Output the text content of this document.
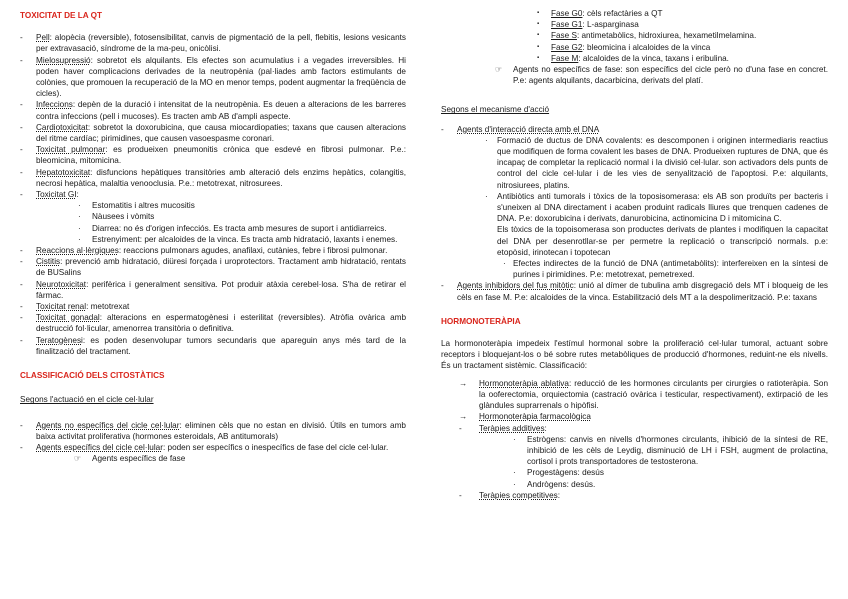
TOXICITAT DE LA QT

- Pell: alopècia (reversible), fotosensibilitat, canvis de pigmentació de la pell, flebitis, lesions vesicants per extravasació, síndrome de la ma-peu, onicòlisi.
- Mielosupressió: sobretot els alquilants. Els efectes son acumulatius i a vegades irreversibles. Hi poden haver complicacions derivades de la neutropènia (pal·liades amb factors estimulants de colònies, que promouen la recuperació de la MO en menor temps, podent augmentar la freqüència de cicles).
- Infeccions: depèn de la duració i intensitat de la neutropènia. Es deuen a alteracions de les barreres contra infeccions (pell i mucoses). Es tracten amb AB d'ampli aspecte.
- Cardiotoxicitat: sobretot la doxorubicina, que causa miocardiopaties; taxans que causen alteracions del ritme cardíac; pirimidines, que causen vasoespasme coronari.
- Toxicitat pulmonar: es produeixen pneumonitis crònica que esdevé en fibrosi pulmonar. P.e.: bleomicina, mitomicina.
- Hepatotoxicitat: disfuncions hepàtiques transitòries amb alteració dels enzims hepàtics, colangitis, necrosi hepàtica, malaltia venooclusia. P.e.: metotrexat, nitrosurees.
- Toxicitat GI:
· Estomatitis i altres mucositis
· Nàusees i vòmits
· Diarrea: no és d'origen infecciós. Es tracta amb mesures de suport i antidiarreics.
· Estrenyiment: per alcaloides de la vinca. Es tracta amb hidratació, laxants i enemes.
- Reaccions al·lèrgiques: reaccions pulmonars agudes, anafilaxi, cutànies, febre i fibrosi pulmonar.
- Cistitis: prevenció amb hidratació, diüresi forçada i uroprotectors. Tractament amb hidratació, rentats de BUSalins
- Neurotoxicitat: perifèrica i generalment sensitiva. Pot produir atàxia cerebel·losa. S'ha de retirar el fàrmac.
- Toxicitat renal: metotrexat
- Toxicitat gonadal: alteracions en espermatogènesi i esterilitat (reversibles). Atròfia ovàrica amb destrucció fol·licular, amenorrea transitòria o definitiva.
- Teratogènesi: es poden desenvolupar tumors secundaris que apareguin anys més tard de la finalització del tractament.

CLASSIFICACIÓ DELS CITOSTÀTICS

Segons l'actuació en el cicle cel·lular

- Agents no específics del cicle cel·lular: eliminen cèls que no estan en divisió. Útils en tumors amb baixa activitat proliferativa (hormones esteroidals, AB antitumorals)
- Agents específics del cicle cel·lular: poden ser específics o inespecífics de fase del cicle cel·lular.
☞ Agents específics de fase
▪ Fase G0: cèls refactàries a QT
▪ Fase G1: L-asparginasa
▪ Fase S: antimetabòlics, hidroxiurea, hexametilmelamina.
▪ Fase G2: bleomicina i alcaloides de la vinca
▪ Fase M: alcaloides de la vinca, taxans i eribulina.
☞ Agents no específics de fase: son específics del cicle però no d'una fase en concret. P.e: agents alquilants, dacarbicina, derivats del platí.

Segons el mecanisme d'acció

- Agents d'interacció directa amb el DNA
· Formació de ductus de DNA covalents: es descomponen i originen intermediaris reactius que modifiquen de forma covalent les bases de DNA. Produeixen ruptures de DNA, que és incapaç de completar la replicació normal i la divisió cel·lular. son activadors dels punts de control del cicle cel·lular i de les vies de senyalització de l'apoptosi. P.e: alquilants, nitrosiurees, platins.
· Antibiòtics anti tumorals i tòxics de la toposisomerasa: els AB son produïts per bacteris i s'uneixen al DNA directament i acaben produint radicals lliures que trenquen cadenes de DNA. P.e: doxorubicina i derivats, danurobicina, actinomicina D i mitomicina C.

Els tòxics de la topoisomerasa son productes derivats de plantes i modifiquen la capacitat del DNA per desenrotllar-se per permetre la replicació o transcripció normals. p.e: etopòsid, irinotecan i topotecan

· Efectes indirectes de la funció de DNA (antimetabòlits): interfereixen en la síntesi de purines i pirimidines. P.e: metotrexat, pemetrexed.
- Agents inhibidors del fus mitòtic: unió al dímer de tubulina amb disgregació dels MT i bloqueig de les cèls en fase M. P.e: alcaloides de la vinca. Estabilització dels MT a la despolimerització. P.e: taxans

HORMONOTERÀPIA

La hormonoteràpia impedeix l'estímul hormonal sobre la proliferació cel·lular tumoral, actuant sobre receptors i bloquejant-los o bé sobre rutes metabòliques de producció d'hormones, reduint-ne els nivells. És un tractament sistèmic. Classificació:

→ Hormonoteràpia ablativa: reducció de les hormones circulants per cirurgies o ratioteràpia. Son la ooferectomia, orquiectomia (castració ovàrica i testicular, respectivament), extirpació de les glàndules suprarrenals o hipòfisi.
→ Hormonoteràpia farmacològica
- Teràpies additives:
· Estrògens: canvis en nivells d'hormones circulants, ihibició de la síntesi de RE, inhibició de les cèls de Leydig, disminució de LH i FSH, augment de prolactina, cortisol i prots transportadores de testosterona.
· Progestàgens: desús
· Andrògens: desús.
- Teràpies competitives:
